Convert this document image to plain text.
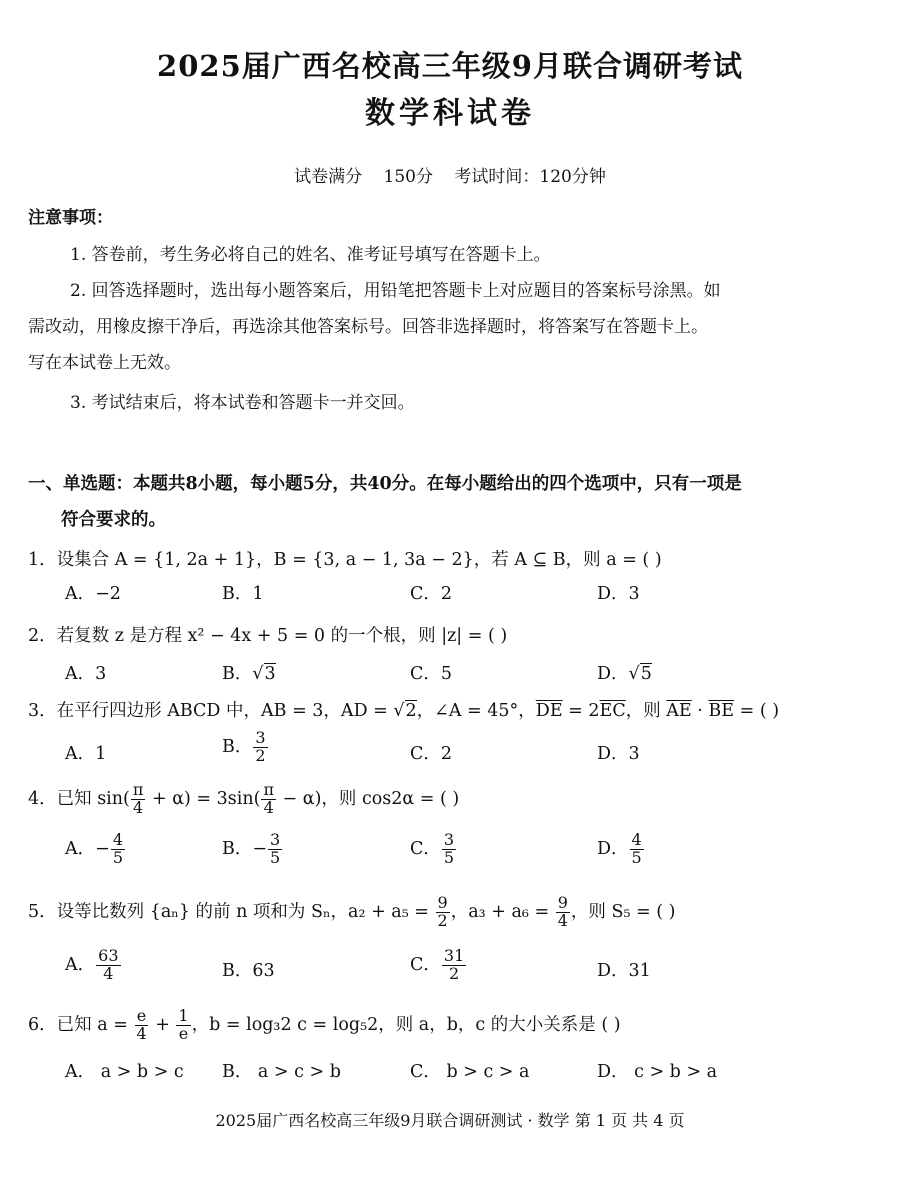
2025届广西名校高三年级9月联合调研考试
数学科试卷
试卷满分 150分 考试时间：120分钟
注意事项：
1. 答卷前，考生务必将自己的姓名、准考证号填写在答题卡上。
2. 回答选择题时，选出每小题答案后，用铅笔把答题卡上对应题目的答案标号涂黑。如
需改动，用橡皮擦干净后，再选涂其他答案标号。回答非选择题时，将答案写在答题卡上。
写在本试卷上无效。
3. 考试结束后，将本试卷和答题卡一并交回。
一、单选题：本题共8小题，每小题5分，共40分。在每小题给出的四个选项中，只有一项是
符合要求的。
1．设集合 A = {1, 2a + 1}，B = {3, a − 1, 3a − 2}，若 A ⊆ B，则 a = ( )
A．−2	B．1	C．2	D．3
2．若复数 z 是方程 x² − 4x + 5 = 0 的一个根，则 |z| = ( )
A．3	B．√3	C．5	D．√5
3．在平行四边形 ABCD 中，AB = 3，AD = √2，∠A = 45°，$\overline{DE} = 2\overline{EC}$，则 $\overline{AE} \cdot \overline{BE}$ = ( )
A．1	B． $\frac{3}{2}$	C．2	D．3
4．已知 $\sin( \frac{\pi}{4} + \alpha) = 3\sin( \frac{\pi}{4} - \alpha)$，则 cos2α = ( )
A．− $\frac{4}{5}$	B．− $\frac{3}{5}$	C． $\frac{3}{5}$	D． $\frac{4}{5}$
5．设等比数列 {aₙ} 的前 n 项和为 Sₙ，$a_2 + a_5 = \frac{9}{2}$ ，$a_3 + a_6 = \frac{9}{4}$ ，则 S₅ = ( )
A． $\frac{63}{4}$	B．63	C． $\frac{31}{2}$	D．31
6．已知 $a = \frac{e}{4} + \frac{1}{e}$ ，b = log₃2 c = log₅2，则 a，b，c 的大小关系是 ( )
A． a > b > c B． a > c > b	C． b > c > a	D． c > b > a
2025届广西名校高三年级9月联合调研测试 · 数学 第 1 页 共 4 页
